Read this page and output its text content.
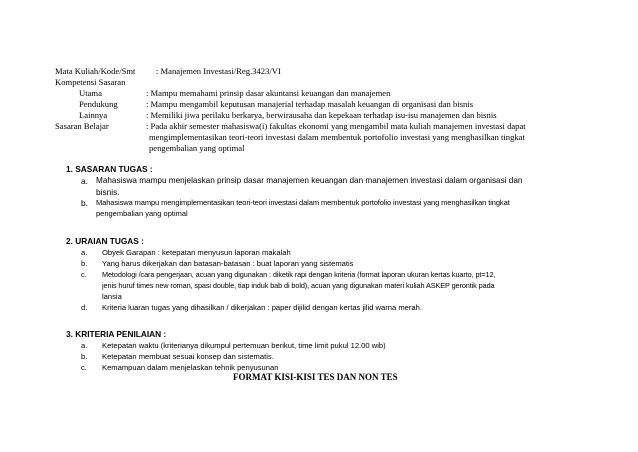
Mata Kuliah/Kode/Smt : Manajemen Investasi/Reg.3423/VI
Kompetensi Sasaran
Utama	: Mampu memahami prinsip dasar akuntansi keuangan dan manajemen
Pendukung	: Mampu mengambil keputusan manajerial terhadap masalah keuangan di organisasi dan bisnis
Lainnya	: Memiliki jiwa perilaku berkarya, berwirausaha dan kepekaan terhadap isu-isu manajemen dan bisnis
Sasaran Belajar	: Pada akhir semester mahasiswa(i) fakultas ekonomi yang mengambil mata kuliah manajemen investasi dapat
mengimplementasikan teori-teori investasi dalam membentuk portofolio investasi yang menghasilkan tingkat
pengembalian yang optimal
1. SASARAN TUGAS :
a. Mahasiswa mampu menjelaskan prinsip dasar manajemen keuangan dan manajemen investasi dalam organisasi dan
bisnis.
b. Mahasiswa mampu mengimplementasikan teori-teori investasi dalam membentuk portofolio investasi yang menghasilkan tingkat
pengembalian yang optimal
2. URAIAN TUGAS :
a. Obyek Garapan : ketepatan menyusun laporan makalah
b. Yang harus dikerjakan dan batasan-batasan : buat laporan yang sistematis
c. Metodologi /cara pengerjaan, acuan yang digunakan : diketik rapi dengan kriteria (format laporan ukuran kertas kuarto, pt=12,
jenis huruf times new roman, spasi double, tiap induk bab di bold), acuan yang digunakan materi kuliah ASKEP gerontik pada
lansia
d. Kriteria luaran tugas yang dihasilkan / dikerjakan : paper dijilid dengan kertas jilid warna merah.
3. KRITERIA PENILAIAN :
a. Ketepatan waktu (kriterianya dikumpul pertemuan berikut, time limit pukul 12.00 wib)
b. Ketepatan membuat sesuai konsep dan sistematis.
c. Kemampuan dalam menjelaskan tehnik penyusunan
FORMAT KISI-KISI TES DAN NON TES
